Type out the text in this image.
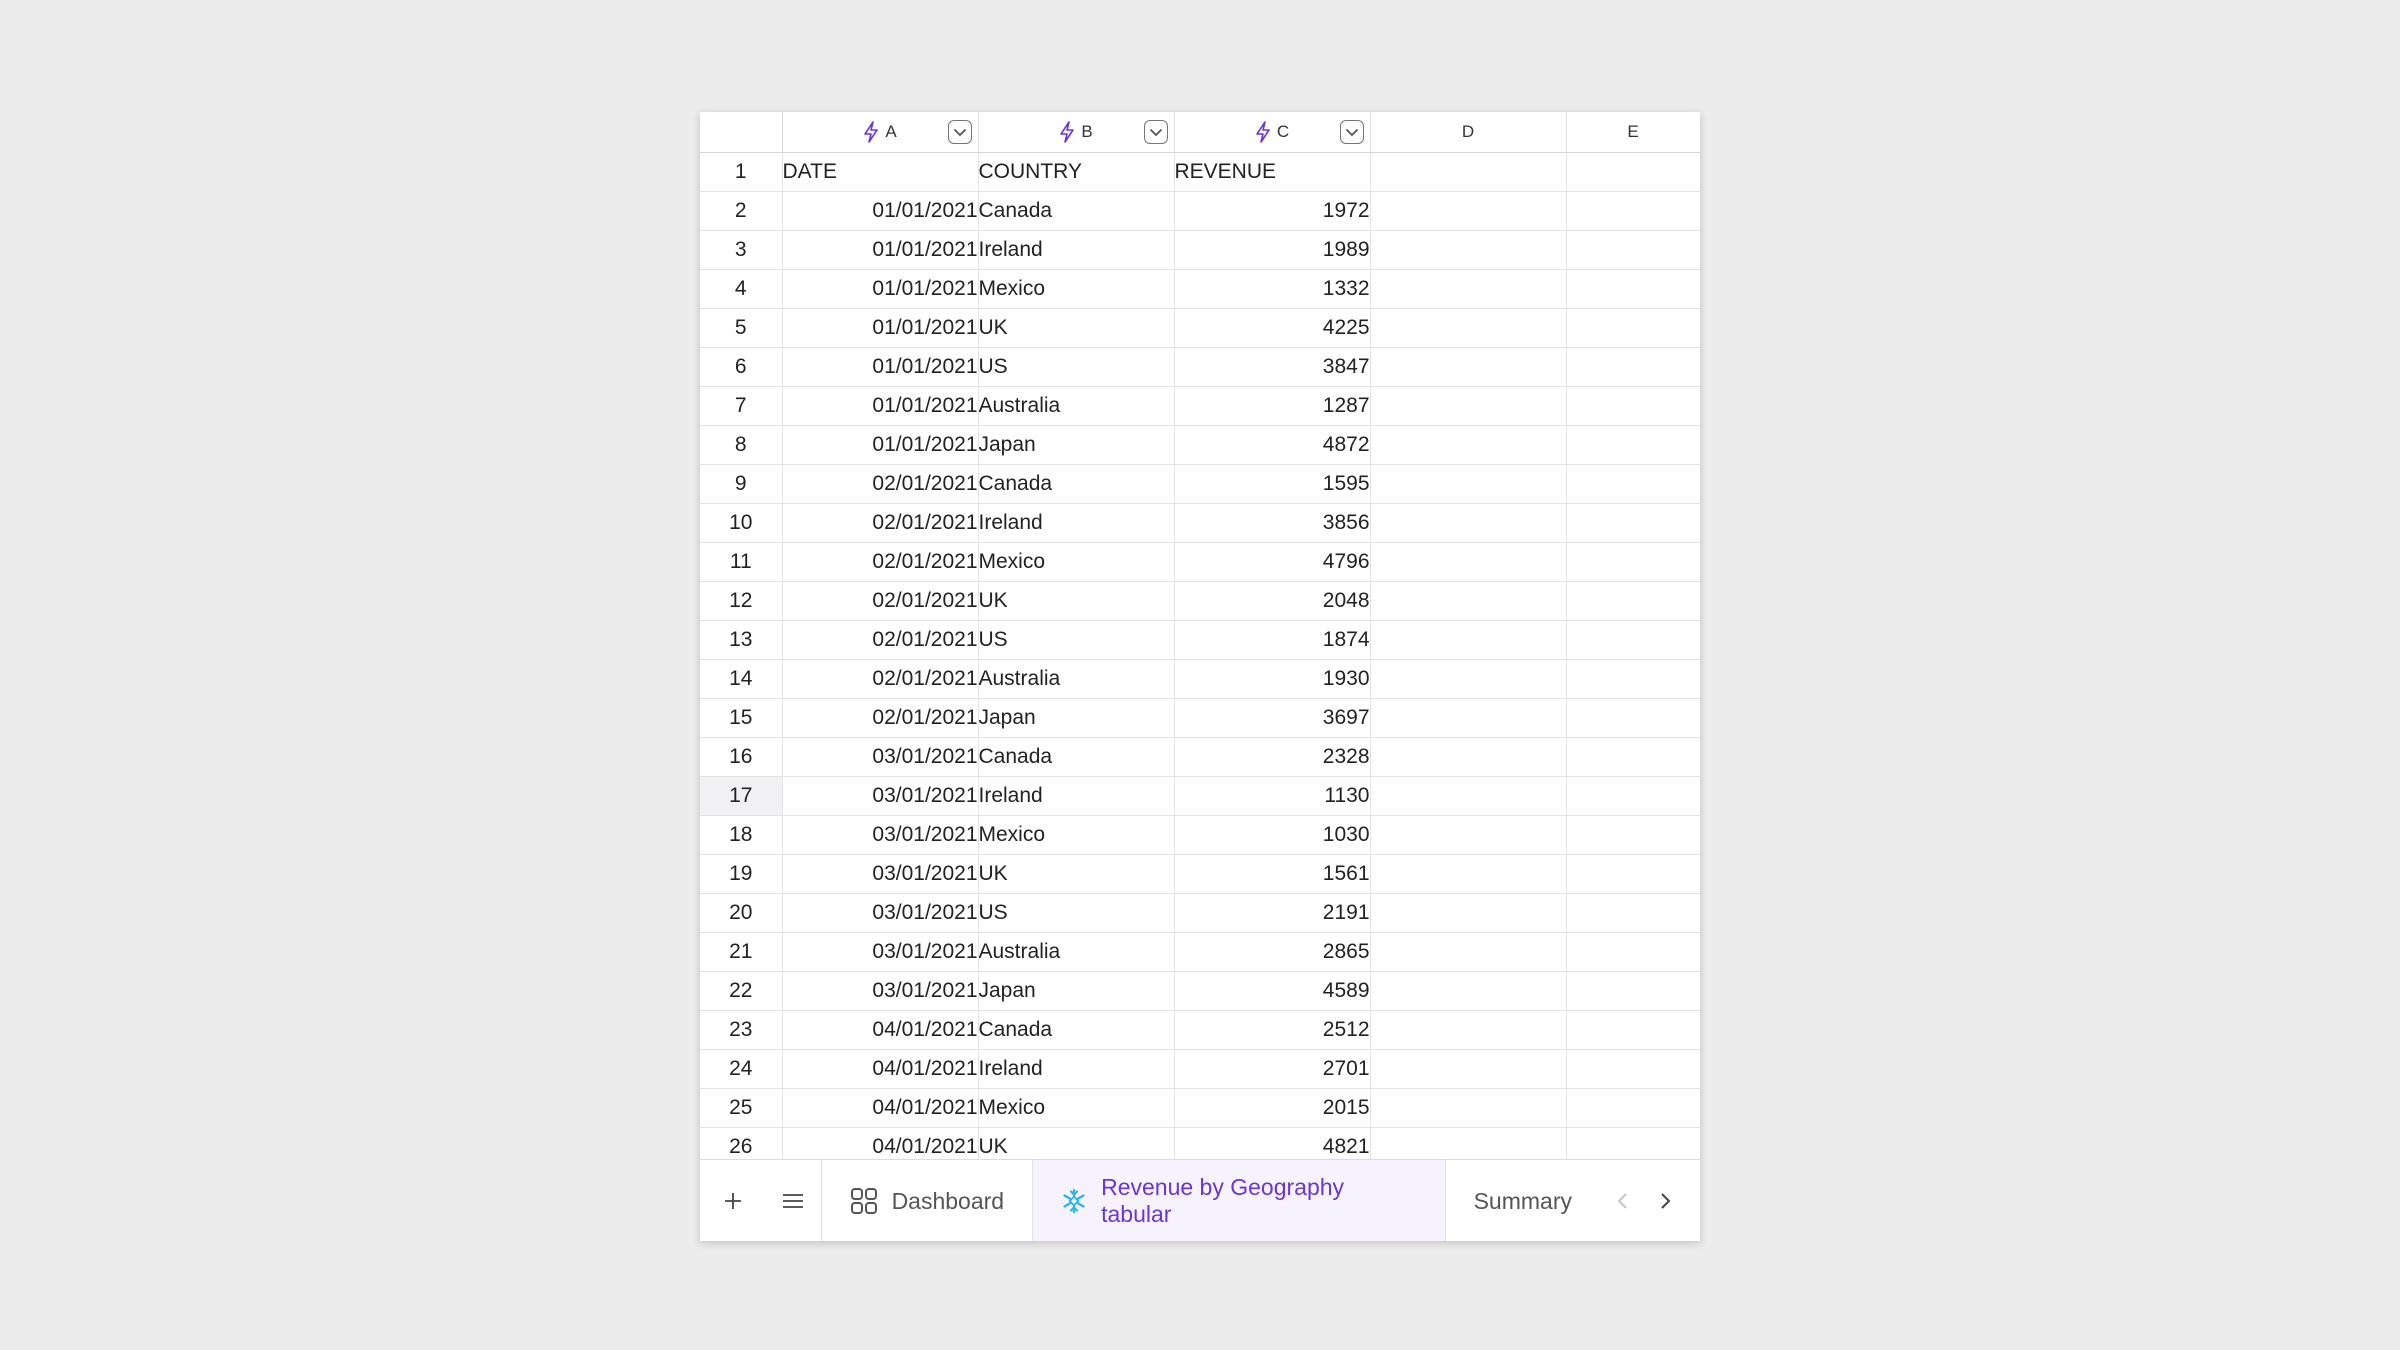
	A	B	C	D	E

1	DATE	COUNTRY	REVENUE		
2	01/01/2021	Canada	1972		
3	01/01/2021	Ireland	1989		
4	01/01/2021	Mexico	1332		
5	01/01/2021	UK	4225		
6	01/01/2021	US	3847		
7	01/01/2021	Australia	1287		
8	01/01/2021	Japan	4872		
9	02/01/2021	Canada	1595		
10	02/01/2021	Ireland	3856		
11	02/01/2021	Mexico	4796		
12	02/01/2021	UK	2048		
13	02/01/2021	US	1874		
14	02/01/2021	Australia	1930		
15	02/01/2021	Japan	3697		
16	03/01/2021	Canada	2328		
17	03/01/2021	Ireland	1130		
18	03/01/2021	Mexico	1030		
19	03/01/2021	UK	1561		
20	03/01/2021	US	2191		
21	03/01/2021	Australia	2865		
22	03/01/2021	Japan	4589		
23	04/01/2021	Canada	2512		
24	04/01/2021	Ireland	2701		
25	04/01/2021	Mexico	2015		
26	04/01/2021	UK	4821		
Dashboard
Revenue by Geography tabular
Summary
